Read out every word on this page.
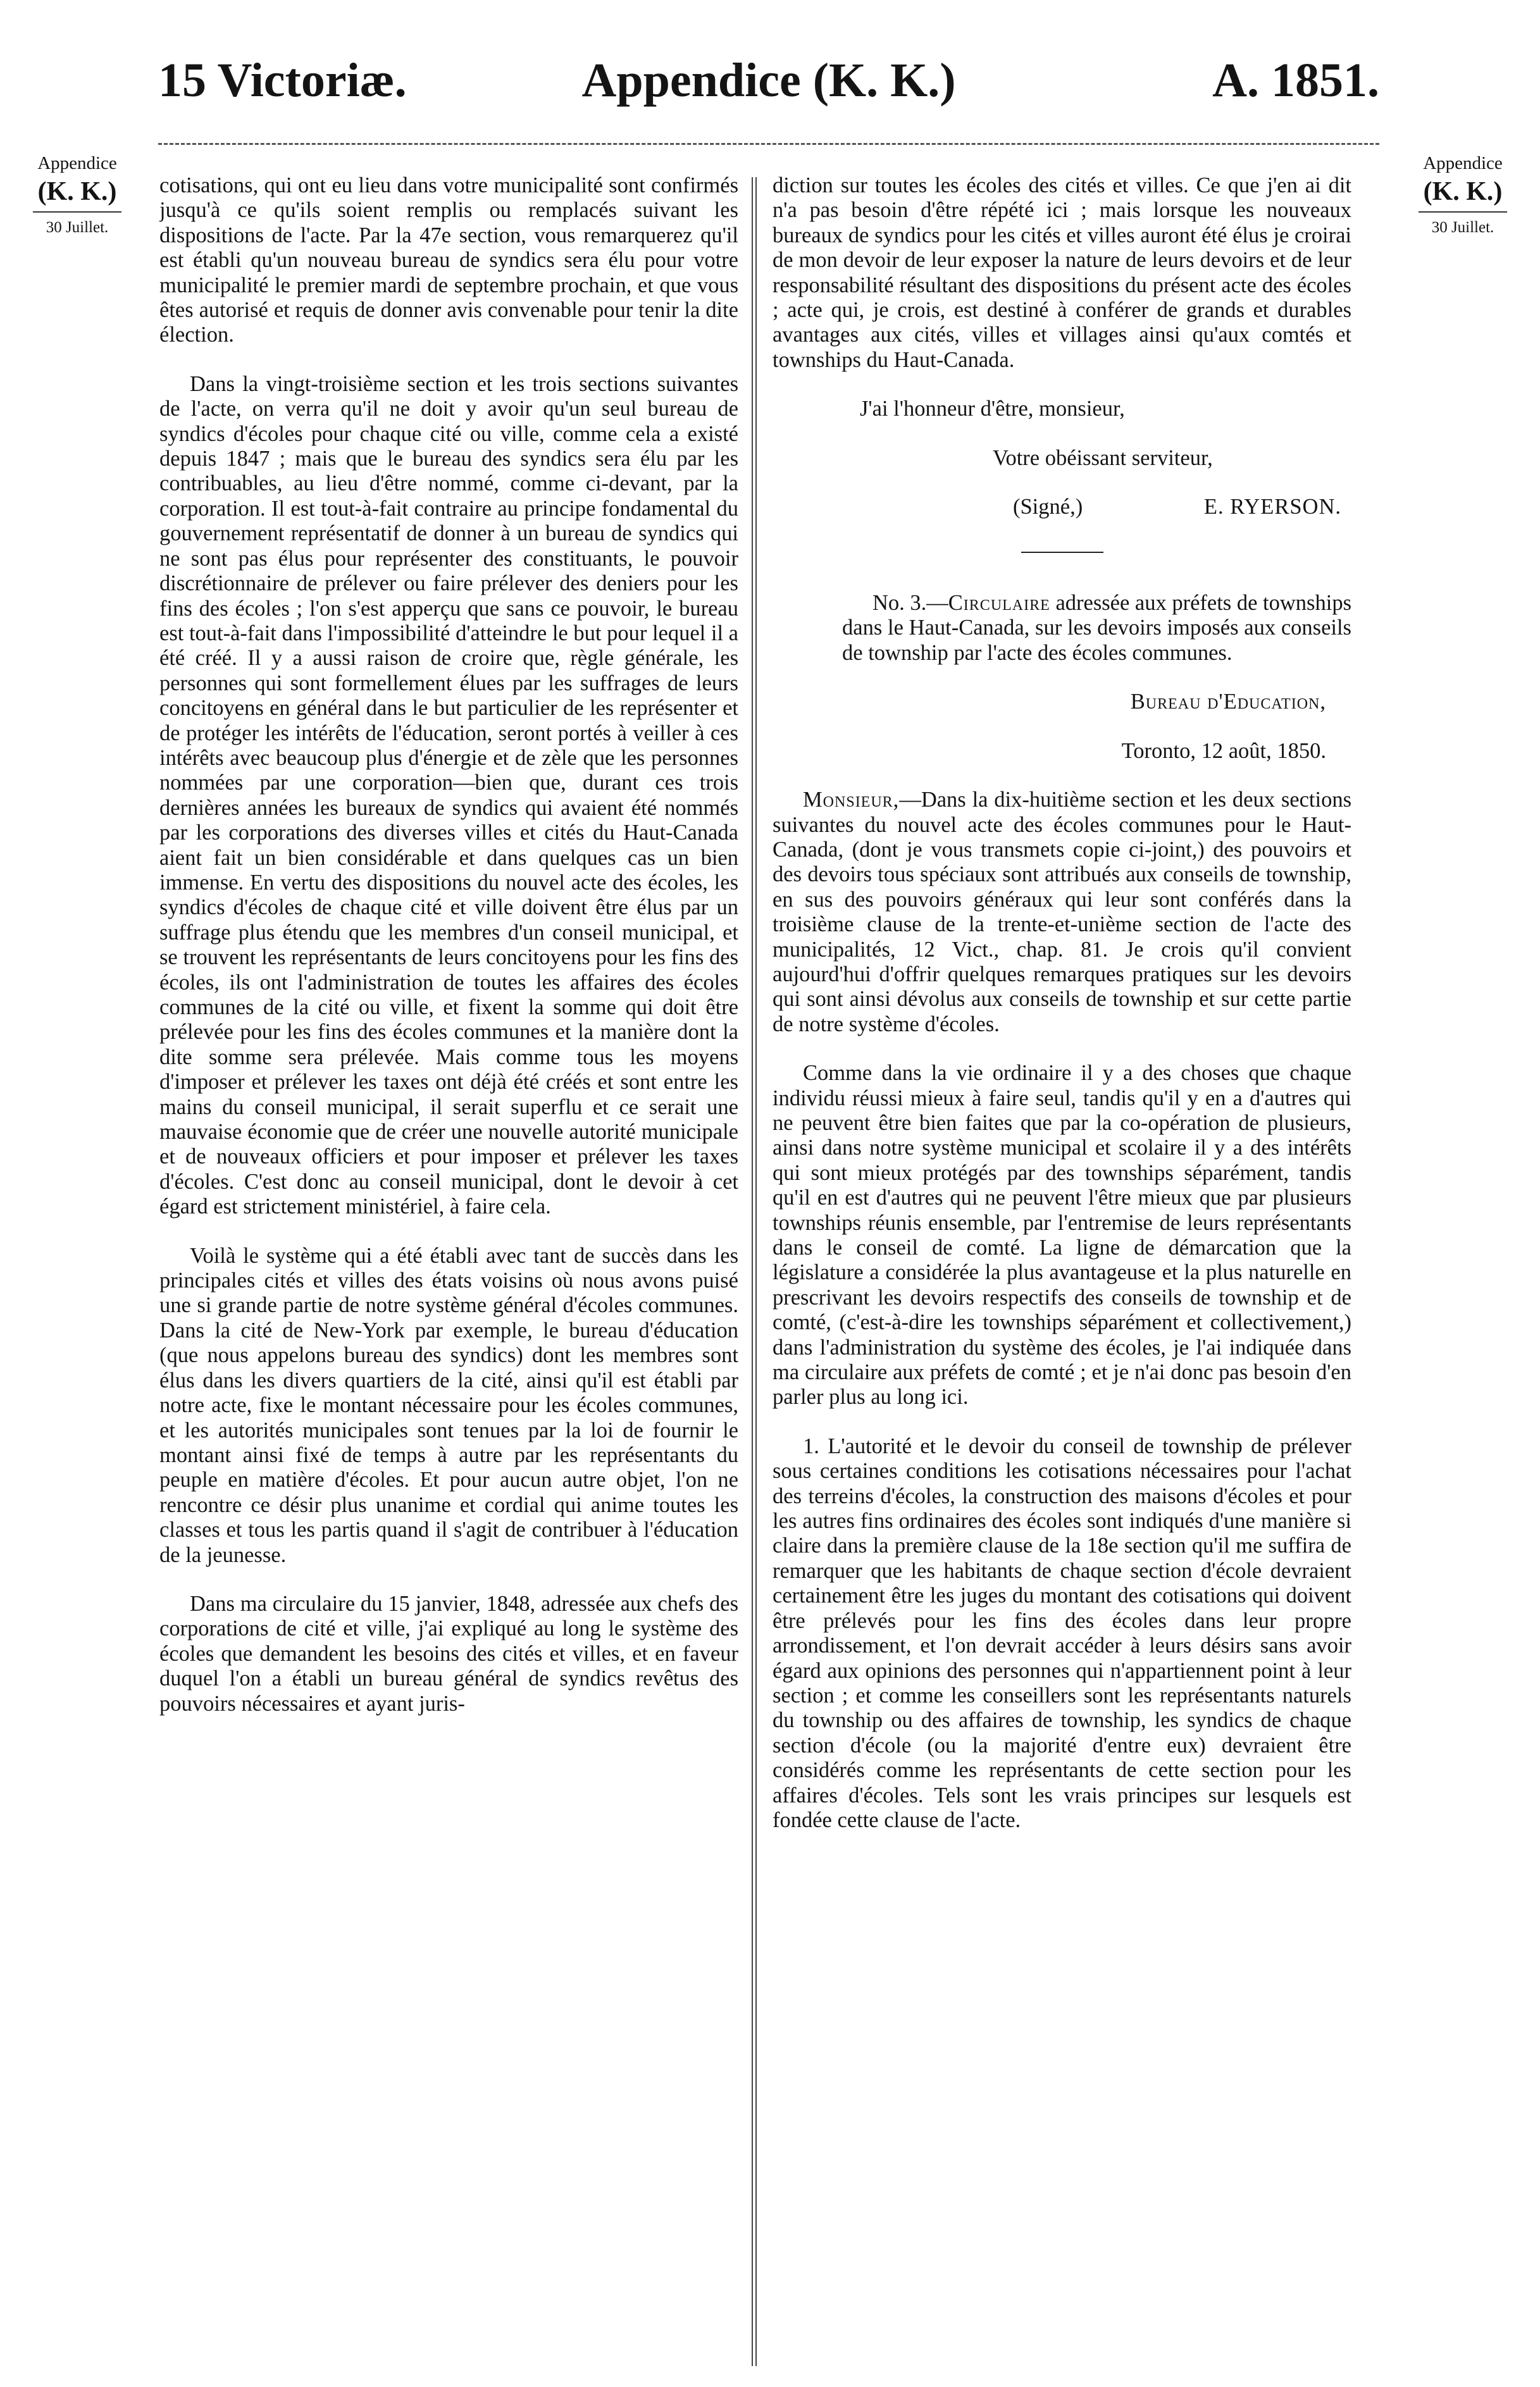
15 Victoriæ.	Appendice (K. K.)	A. 1851.
Appendice
(K. K.)
30 Juillet.
Appendice
(K. K.)
30 Juillet.

cotisations, qui ont eu lieu dans votre municipalité sont confirmés jusqu'à ce qu'ils soient remplis ou remplacés suivant les dispositions de l'acte. Par la 47e section, vous remarquerez qu'il est établi qu'un nouveau bureau de syndics sera élu pour votre municipalité le premier mardi de septembre prochain, et que vous êtes autorisé et requis de donner avis convenable pour tenir la dite élection.

Dans la vingt-troisième section et les trois sections suivantes de l'acte, on verra qu'il ne doit y avoir qu'un seul bureau de syndics d'écoles pour chaque cité ou ville, comme cela a existé depuis 1847 ; mais que le bureau des syndics sera élu par les contribuables, au lieu d'être nommé, comme ci-devant, par la corporation. Il est tout-à-fait contraire au principe fondamental du gouvernement représentatif de donner à un bureau de syndics qui ne sont pas élus pour représenter des constituants, le pouvoir discrétionnaire de prélever ou faire prélever des deniers pour les fins des écoles ; l'on s'est apperçu que sans ce pouvoir, le bureau est tout-à-fait dans l'impossibilité d'atteindre le but pour lequel il a été créé. Il y a aussi raison de croire que, règle générale, les personnes qui sont formellement élues par les suffrages de leurs concitoyens en général dans le but particulier de les représenter et de protéger les intérêts de l'éducation, seront portés à veiller à ces intérêts avec beaucoup plus d'énergie et de zèle que les personnes nommées par une corporation—bien que, durant ces trois dernières années les bureaux de syndics qui avaient été nommés par les corporations des diverses villes et cités du Haut-Canada aient fait un bien considérable et dans quelques cas un bien immense. En vertu des dispositions du nouvel acte des écoles, les syndics d'écoles de chaque cité et ville doivent être élus par un suffrage plus étendu que les membres d'un conseil municipal, et se trouvent les représentants de leurs concitoyens pour les fins des écoles, ils ont l'administration de toutes les affaires des écoles communes de la cité ou ville, et fixent la somme qui doit être prélevée pour les fins des écoles communes et la manière dont la dite somme sera prélevée. Mais comme tous les moyens d'imposer et prélever les taxes ont déjà été créés et sont entre les mains du conseil municipal, il serait superflu et ce serait une mauvaise économie que de créer une nouvelle autorité municipale et de nouveaux officiers et pour imposer et prélever les taxes d'écoles. C'est donc au conseil municipal, dont le devoir à cet égard est strictement ministériel, à faire cela.

Voilà le système qui a été établi avec tant de succès dans les principales cités et villes des états voisins où nous avons puisé une si grande partie de notre système général d'écoles communes. Dans la cité de New-York par exemple, le bureau d'éducation (que nous appelons bureau des syndics) dont les membres sont élus dans les divers quartiers de la cité, ainsi qu'il est établi par notre acte, fixe le montant nécessaire pour les écoles communes, et les autorités municipales sont tenues par la loi de fournir le montant ainsi fixé de temps à autre par les représentants du peuple en matière d'écoles. Et pour aucun autre objet, l'on ne rencontre ce désir plus unanime et cordial qui anime toutes les classes et tous les partis quand il s'agit de contribuer à l'éducation de la jeunesse.

Dans ma circulaire du 15 janvier, 1848, adressée aux chefs des corporations de cité et ville, j'ai expliqué au long le système des écoles que demandent les besoins des cités et villes, et en faveur duquel l'on a établi un bureau général de syndics revêtus des pouvoirs nécessaires et ayant juris-

diction sur toutes les écoles des cités et villes. Ce que j'en ai dit n'a pas besoin d'être répété ici ; mais lorsque les nouveaux bureaux de syndics pour les cités et villes auront été élus je croirai de mon devoir de leur exposer la nature de leurs devoirs et de leur responsabilité résultant des dispositions du présent acte des écoles ; acte qui, je crois, est destiné à conférer de grands et durables avantages aux cités, villes et villages ainsi qu'aux comtés et townships du Haut-Canada.

J'ai l'honneur d'être, monsieur,

Votre obéissant serviteur,

(Signé,)	E. RYERSON.

No. 3.—Circulaire adressée aux préfets de townships dans le Haut-Canada, sur les devoirs imposés aux conseils de township par l'acte des écoles communes.

Bureau d'Education,

Toronto, 12 août, 1850.

Monsieur,—Dans la dix-huitième section et les deux sections suivantes du nouvel acte des écoles communes pour le Haut-Canada, (dont je vous transmets copie ci-joint,) des pouvoirs et des devoirs tous spéciaux sont attribués aux conseils de township, en sus des pouvoirs généraux qui leur sont conférés dans la troisième clause de la trente-et-unième section de l'acte des municipalités, 12 Vict., chap. 81. Je crois qu'il convient aujourd'hui d'offrir quelques remarques pratiques sur les devoirs qui sont ainsi dévolus aux conseils de township et sur cette partie de notre système d'écoles.

Comme dans la vie ordinaire il y a des choses que chaque individu réussi mieux à faire seul, tandis qu'il y en a d'autres qui ne peuvent être bien faites que par la co-opération de plusieurs, ainsi dans notre système municipal et scolaire il y a des intérêts qui sont mieux protégés par des townships séparément, tandis qu'il en est d'autres qui ne peuvent l'être mieux que par plusieurs townships réunis ensemble, par l'entremise de leurs représentants dans le conseil de comté. La ligne de démarcation que la législature a considérée la plus avantageuse et la plus naturelle en prescrivant les devoirs respectifs des conseils de township et de comté, (c'est-à-dire les townships séparément et collectivement,) dans l'administration du système des écoles, je l'ai indiquée dans ma circulaire aux préfets de comté ; et je n'ai donc pas besoin d'en parler plus au long ici.

1. L'autorité et le devoir du conseil de township de prélever sous certaines conditions les cotisations nécessaires pour l'achat des terreins d'écoles, la construction des maisons d'écoles et pour les autres fins ordinaires des écoles sont indiqués d'une manière si claire dans la première clause de la 18e section qu'il me suffira de remarquer que les habitants de chaque section d'école devraient certainement être les juges du montant des cotisations qui doivent être prélevés pour les fins des écoles dans leur propre arrondissement, et l'on devrait accéder à leurs désirs sans avoir égard aux opinions des personnes qui n'appartiennent point à leur section ; et comme les conseillers sont les représentants naturels du township ou des affaires de township, les syndics de chaque section d'école (ou la majorité d'entre eux) devraient être considérés comme les représentants de cette section pour les affaires d'écoles. Tels sont les vrais principes sur lesquels est fondée cette clause de l'acte.
